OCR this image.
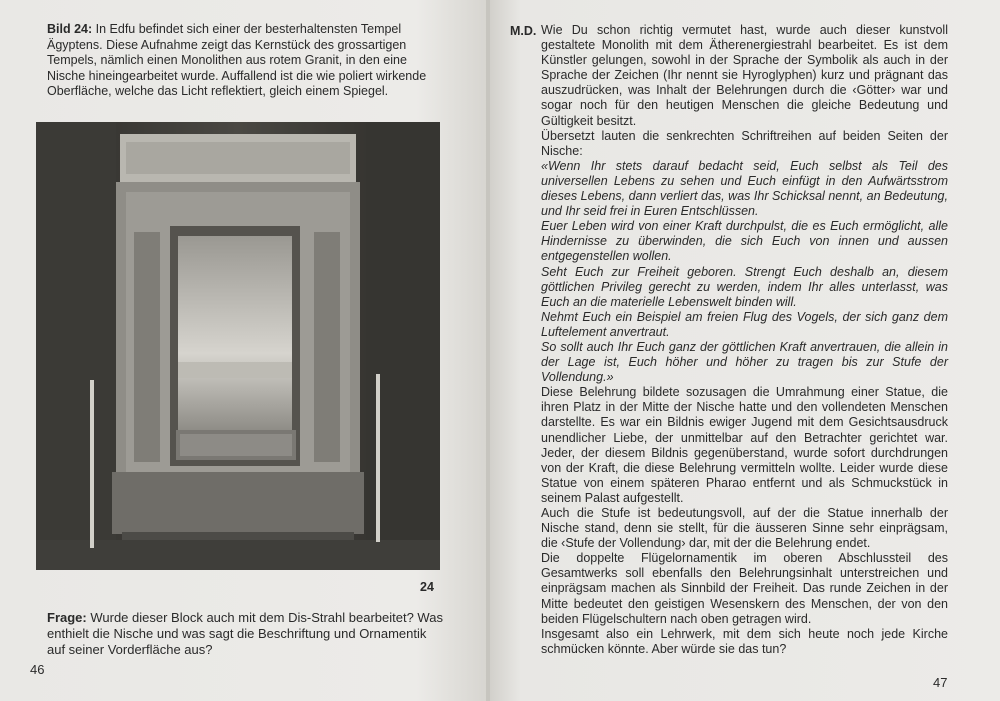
Bild 24: In Edfu befindet sich einer der besterhaltensten Tempel Ägyptens. Diese Aufnahme zeigt das Kernstück des grossartigen Tempels, nämlich einen Monolithen aus rotem Granit, in den eine Nische hineingearbeitet wurde. Auffallend ist die wie poliert wirkende Oberfläche, welche das Licht reflektiert, gleich einem Spiegel.
24
Frage: Wurde dieser Block auch mit dem Dis-Strahl bearbeitet? Was enthielt die Nische und was sagt die Beschriftung und Ornamentik auf seiner Vorderfläche aus?
46
M.D. Wie Du schon richtig vermutet hast, wurde auch dieser kunstvoll gestaltete Monolith mit dem Ätherenergiestrahl bearbeitet. Es ist dem Künstler gelungen, sowohl in der Sprache der Symbolik als auch in der Sprache der Zeichen (Ihr nennt sie Hyroglyphen) kurz und prägnant das auszudrücken, was Inhalt der Belehrungen durch die ‹Götter› war und sogar noch für den heutigen Menschen die gleiche Bedeutung und Gültigkeit besitzt.

Übersetzt lauten die senkrechten Schriftreihen auf beiden Seiten der Nische:

«Wenn Ihr stets darauf bedacht seid, Euch selbst als Teil des universellen Lebens zu sehen und Euch einfügt in den Aufwärtsstrom dieses Lebens, dann verliert das, was Ihr Schicksal nennt, an Bedeutung, und Ihr seid frei in Euren Entschlüssen.

Euer Leben wird von einer Kraft durchpulst, die es Euch ermöglicht, alle Hindernisse zu überwinden, die sich Euch von innen und aussen entgegenstellen wollen.

Seht Euch zur Freiheit geboren. Strengt Euch deshalb an, diesem göttlichen Privileg gerecht zu werden, indem Ihr alles unterlasst, was Euch an die materielle Lebenswelt binden will.

Nehmt Euch ein Beispiel am freien Flug des Vogels, der sich ganz dem Luftelement anvertraut.

So sollt auch Ihr Euch ganz der göttlichen Kraft anvertrauen, die allein in der Lage ist, Euch höher und höher zu tragen bis zur Stufe der Vollendung.»

Diese Belehrung bildete sozusagen die Umrahmung einer Statue, die ihren Platz in der Mitte der Nische hatte und den vollendeten Menschen darstellte. Es war ein Bildnis ewiger Jugend mit dem Gesichtsausdruck unendlicher Liebe, der unmittelbar auf den Betrachter gerichtet war. Jeder, der diesem Bildnis gegenüberstand, wurde sofort durchdrungen von der Kraft, die diese Belehrung vermitteln wollte. Leider wurde diese Statue von einem späteren Pharao entfernt und als Schmuckstück in seinem Palast aufgestellt.

Auch die Stufe ist bedeutungsvoll, auf der die Statue innerhalb der Nische stand, denn sie stellt, für die äusseren Sinne sehr einprägsam, die ‹Stufe der Vollendung› dar, mit der die Belehrung endet.

Die doppelte Flügelornamentik im oberen Abschlussteil des Gesamtwerks soll ebenfalls den Belehrungsinhalt unterstreichen und einprägsam machen als Sinnbild der Freiheit. Das runde Zeichen in der Mitte bedeutet den geistigen Wesenskern des Menschen, der von den beiden Flügelschultern nach oben getragen wird.

Insgesamt also ein Lehrwerk, mit dem sich heute noch jede Kirche schmücken könnte. Aber würde sie das tun?

47
